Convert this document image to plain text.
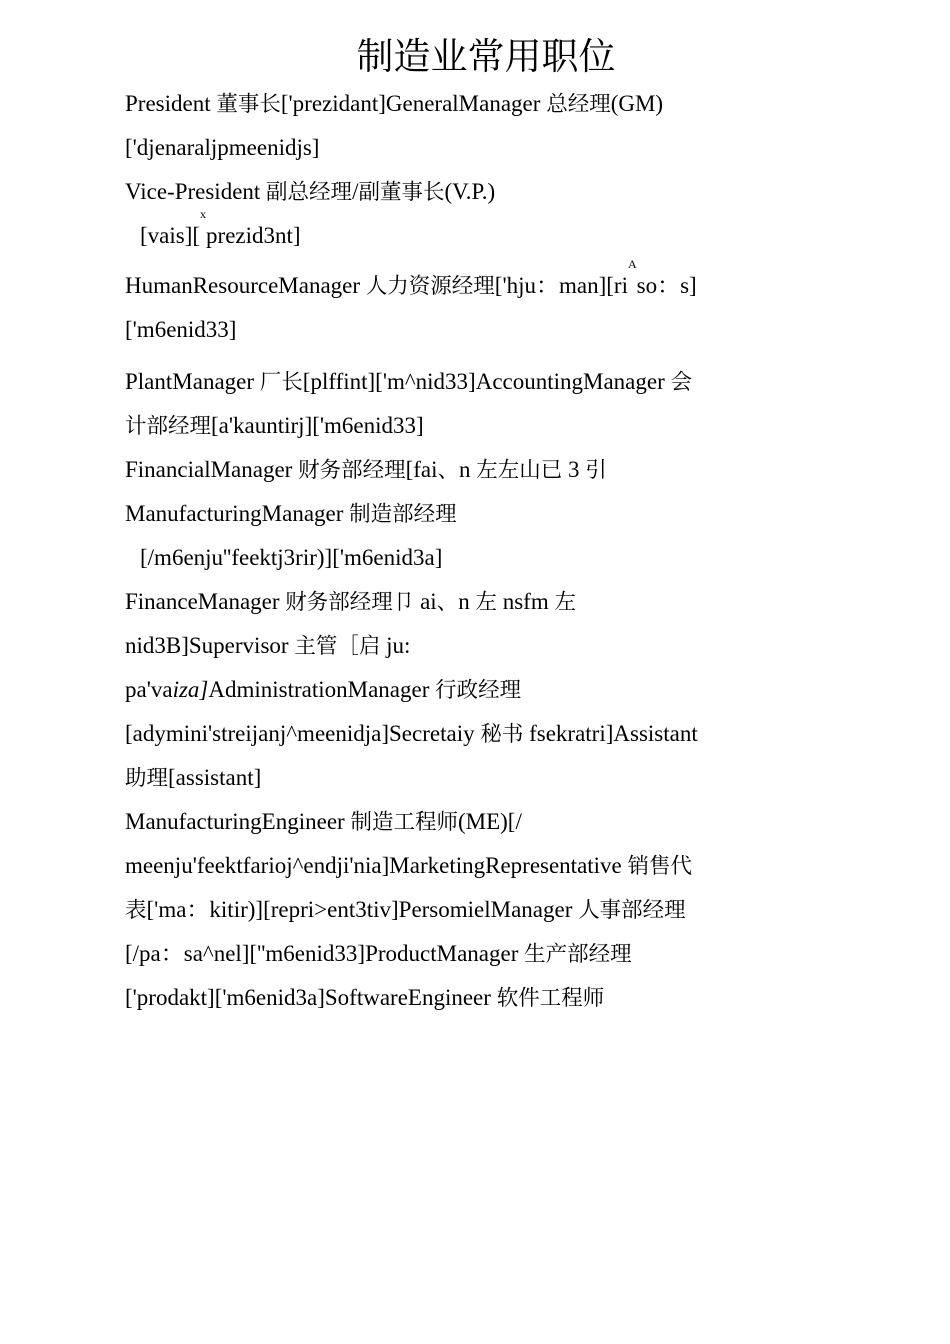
制造业常用职位
President 董事长['prezidant]GeneralManager 总经理(GM)
['djenaraljpmeenidjs]
Vice-President 副总经理/副董事长(V.P.)
[vais][$^x$prezid3nt]
HumanResourceManager 人力资源经理['hju：$man][ri^Aso$：s]
['m6enid33]
PlantManager 厂长[plffint]['m^nid33]AccountingManager 会
计部经理[a'kauntirj]['m6enid33]
FinancialManager 财务部经理[fai、n 左左山已 3 引
ManufacturingManager 制造部经理
[/m6enju''feektj3rir)]['m6enid3a]
FinanceManager 财务部经理卩 ai、n 左 nsfm 左
nid3B]Supervisor 主管［启 ju:
pa'vaiza]AdministrationManager 行政经理
[adymini'streijanj^meenidja]Secretaiy 秘书 fsekratri]Assistant
助理[assistant]
ManufacturingEngineer 制造工程师(ME)[/
meenju'feektfarioj^endji'nia]MarketingRepresentative 销售代
表['ma：kitir)][repri>ent3tiv]PersomielManager 人事部经理
[/pa：sa^nel][''m6enid33]ProductManager 生产部经理
['prodakt]['m6enid3a]SoftwareEngineer 软件工程师
